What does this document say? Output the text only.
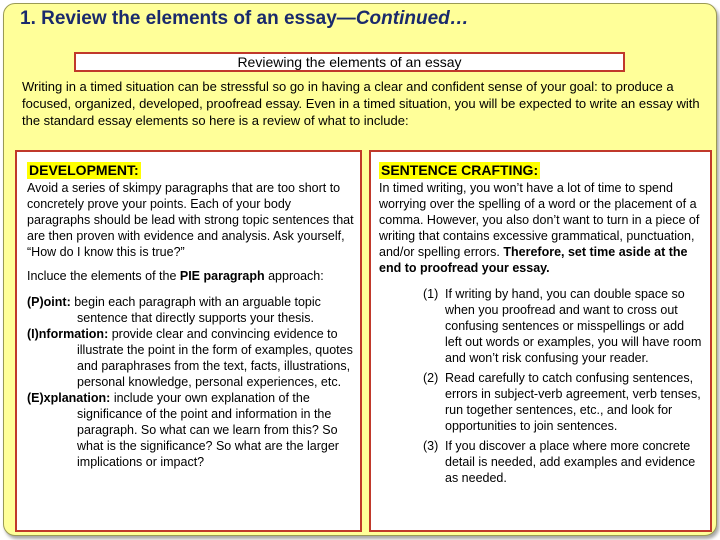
1. Review the elements of an essay—Continued…
Reviewing the elements of an essay

Writing in a timed situation can be stressful so go in having a clear and confident sense of your goal: to produce a focused, organized, developed, proofread essay. Even in a timed situation, you will be expected to write an essay with the standard essay elements so here is a review of what to include:

DEVELOPMENT:

Avoid a series of skimpy paragraphs that are too short to concretely prove your points. Each of your body paragraphs should be lead with strong topic sentences that are then proven with evidence and analysis. Ask yourself, “How do I know this is true?”

Incluce the elements of the PIE paragraph approach:

(P)oint: begin each paragraph with an arguable topic sentence that directly supports your thesis.

(I)nformation: provide clear and convincing evidence to illustrate the point in the form of examples, quotes and paraphrases from the text, facts, illustrations, personal knowledge, personal experiences, etc.

(E)xplanation: include your own explanation of the significance of the point and information in the paragraph. So what can we learn from this? So what is the significance? So what are the larger implications or impact?

SENTENCE CRAFTING:

In timed writing, you won’t have a lot of time to spend worrying over the spelling of a word or the placement of a comma. However, you also don’t want to turn in a piece of writing that contains excessive grammatical, punctuation, and/or spelling errors. Therefore, set time aside at the end to proofread your essay.

(1) If writing by hand, you can double space so when you proofread and want to cross out confusing sentences or misspellings or add left out words or examples, you will have room and won’t risk confusing your reader.
(2) Read carefully to catch confusing sentences, errors in subject-verb agreement, verb tenses, run together sentences, etc., and look for opportunities to join sentences.
(3) If you discover a place where more concrete detail is needed, add examples and evidence as needed.
